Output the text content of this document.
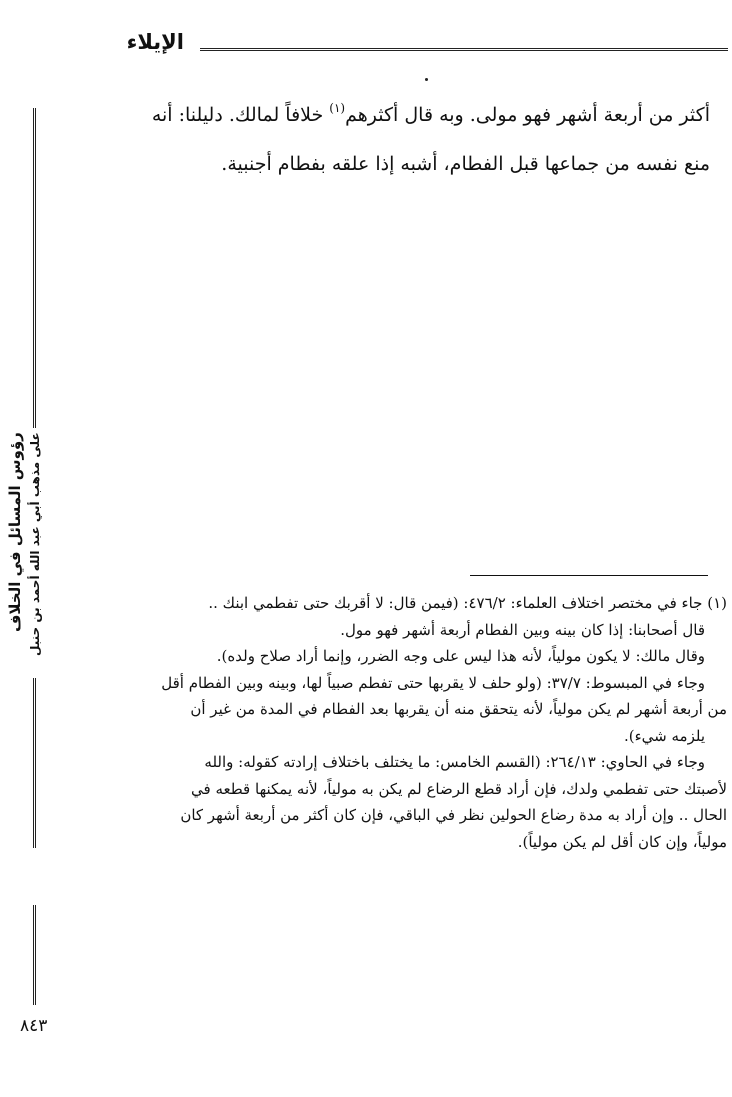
الإيلاء
أكثر من أربعة أشهر فهو مولى. وبه قال أكثرهم$^{(١)}$ خلافاً لمالك. دليلنا: أنه
منع نفسه من جماعها قبل الفطام، أشبه إذا علقه بفطام أجنبية.
رؤوس المسائل في الخلاف على مذهب أبي عبد الله أحمد بن حنبل	(١) جاء في مختصر اختلاف العلماء: ٤٧٦/٢: (فيمن قال: لا أقربك حتى تفطمي ابنك ..
قال أصحابنا: إذا كان بينه وبين الفطام أربعة أشهر فهو مول.
وقال مالك: لا يكون مولياً، لأنه هذا ليس على وجه الضرر، وإنما أراد صلاح ولده).
وجاء في المبسوط: ٣٧/٧: (ولو حلف لا يقربها حتى تفطم صبياً لها، وبينه وبين الفطام أقل
من أربعة أشهر لم يكن مولياً، لأنه يتحقق منه أن يقربها بعد الفطام في المدة من غير أن
يلزمه شيء).
وجاء في الحاوي: ٢٦٤/١٣: (القسم الخامس: ما يختلف باختلاف إرادته كقوله: والله
لأصبتك حتى تفطمي ولدك، فإن أراد قطع الرضاع لم يكن به مولياً، لأنه يمكنها قطعه في
الحال .. وإن أراد به مدة رضاع الحولين نظر في الباقي، فإن كان أكثر من أربعة أشهر كان
مولياً، وإن كان أقل لم يكن مولياً).
٨٤٣
